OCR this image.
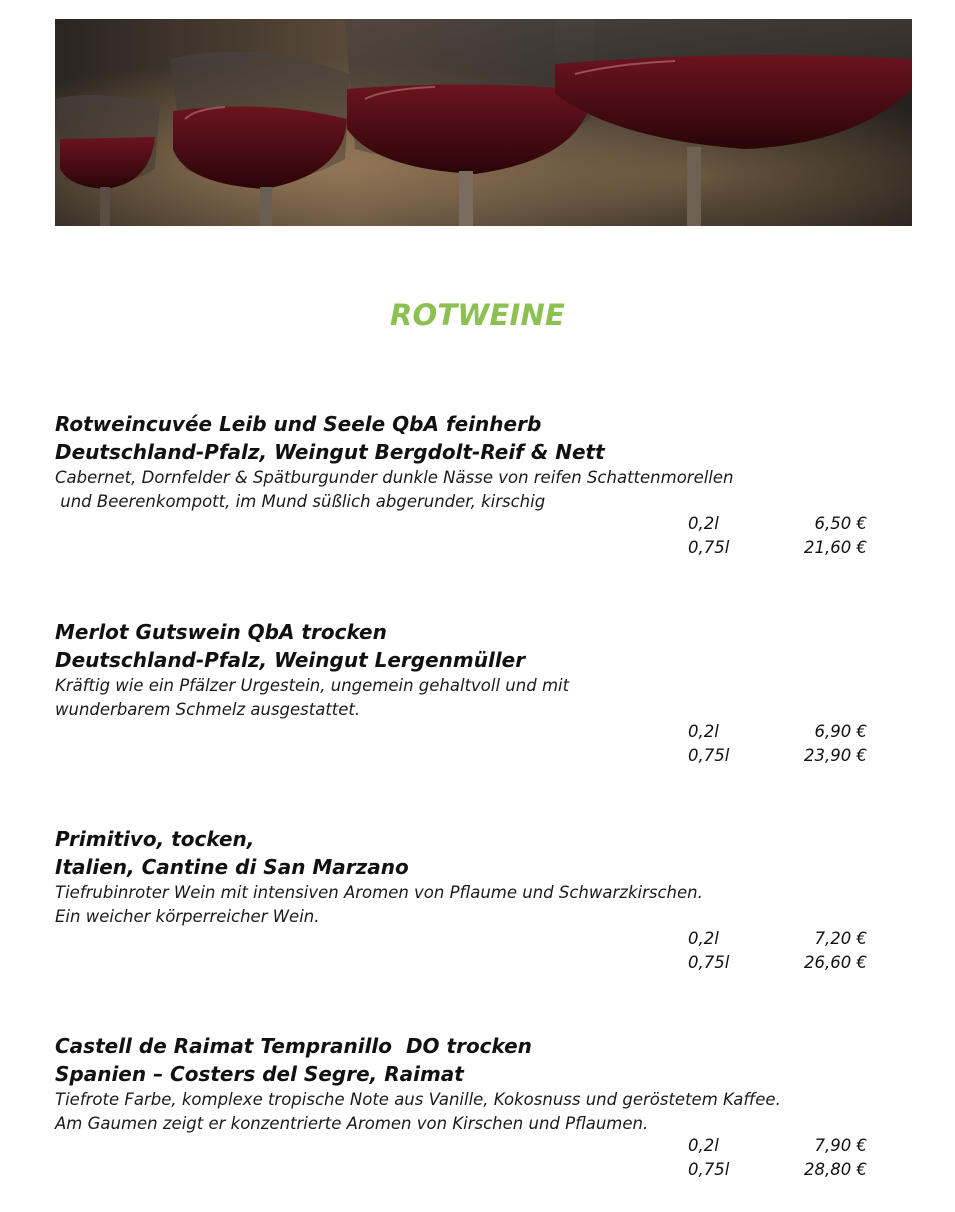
ROTWEINE
Rotweincuvée Leib und Seele QbA feinherb
Deutschland-Pfalz, Weingut Bergdolt-Reif & Nett
Cabernet, Dornfelder & Spätburgunder dunkle Nässe von reifen Schattenmorellen
und Beerenkompott, im Mund süßlich abgerunder, kirschig
0,2l	6,50 €
0,75l	21,60 €
Merlot Gutswein QbA trocken
Deutschland-Pfalz, Weingut Lergenmüller
Kräftig wie ein Pfälzer Urgestein, ungemein gehaltvoll und mit
wunderbarem Schmelz ausgestattet.
0,2l	6,90 €
0,75l	23,90 €
Primitivo, tocken,
Italien, Cantine di San Marzano
Tiefrubinroter Wein mit intensiven Aromen von Pflaume und Schwarzkirschen.
Ein weicher körperreicher Wein.
0,2l	7,20 €
0,75l	26,60 €
Castell de Raimat Tempranillo  DO trocken
Spanien – Costers del Segre, Raimat
Tiefrote Farbe, komplexe tropische Note aus Vanille, Kokosnuss und geröstetem Kaffee.
Am Gaumen zeigt er konzentrierte Aromen von Kirschen und Pflaumen.
0,2l	7,90 €
0,75l	28,80 €
